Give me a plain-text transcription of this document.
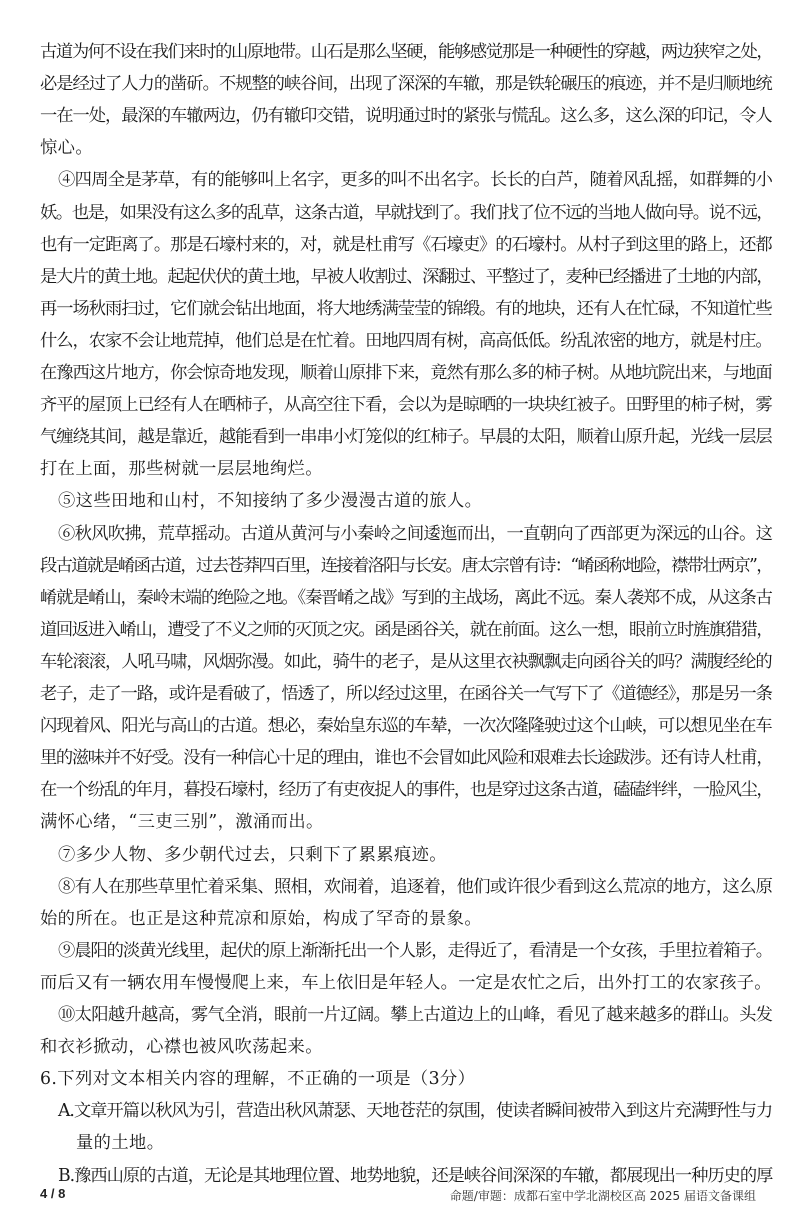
古道为何不设在我们来时的山原地带。山石是那么坚硬，能够感觉那是一种硬性的穿越，两边狭窄之处，
必是经过了人力的凿斫。不规整的峡谷间，出现了深深的车辙，那是铁轮碾压的痕迹，并不是归顺地统
一在一处，最深的车辙两边，仍有辙印交错，说明通过时的紧张与慌乱。这么多，这么深的印记，令人
惊心。
④四周全是茅草，有的能够叫上名字，更多的叫不出名字。长长的白芦，随着风乱摇，如群舞的小
妖。也是，如果没有这么多的乱草，这条古道，早就找到了。我们找了位不远的当地人做向导。说不远，
也有一定距离了。那是石壕村来的，对，就是杜甫写《石壕吏》的石壕村。从村子到这里的路上，还都
是大片的黄土地。起起伏伏的黄土地，早被人收割过、深翻过、平整过了，麦种已经播进了土地的内部，
再一场秋雨扫过，它们就会钻出地面，将大地绣满莹莹的锦缎。有的地块，还有人在忙碌，不知道忙些
什么，农家不会让地荒掉，他们总是在忙着。田地四周有树，高高低低。纷乱浓密的地方，就是村庄。
在豫西这片地方，你会惊奇地发现，顺着山原排下来，竟然有那么多的柿子树。从地坑院出来，与地面
齐平的屋顶上已经有人在晒柿子，从高空往下看，会以为是晾晒的一块块红被子。田野里的柿子树，雾
气缠绕其间，越是靠近，越能看到一串串小灯笼似的红柿子。早晨的太阳，顺着山原升起，光线一层层
打在上面，那些树就一层层地绚烂。
⑤这些田地和山村，不知接纳了多少漫漫古道的旅人。
⑥秋风吹拂，荒草摇动。古道从黄河与小秦岭之间逶迤而出，一直朝向了西部更为深远的山谷。这
段古道就是崤函古道，过去苍莽四百里，连接着洛阳与长安。唐太宗曾有诗：“崤函称地险，襟带壮两京”，
崤就是崤山，秦岭末端的绝险之地。《秦晋崤之战》写到的主战场，离此不远。秦人袭郑不成，从这条古
道回返进入崤山，遭受了不义之师的灭顶之灾。函是函谷关，就在前面。这么一想，眼前立时旌旗猎猎，
车轮滚滚，人吼马啸，风烟弥漫。如此，骑牛的老子，是从这里衣袂飘飘走向函谷关的吗？满腹经纶的
老子，走了一路，或许是看破了，悟透了，所以经过这里，在函谷关一气写下了《道德经》，那是另一条
闪现着风、阳光与高山的古道。想必，秦始皇东巡的车辇，一次次隆隆驶过这个山峡，可以想见坐在车
里的滋味并不好受。没有一种信心十足的理由，谁也不会冒如此风险和艰难去长途跋涉。还有诗人杜甫，
在一个纷乱的年月，暮投石壕村，经历了有吏夜捉人的事件，也是穿过这条古道，磕磕绊绊，一脸风尘，
满怀心绪，“三吏三别”，激涌而出。
⑦多少人物、多少朝代过去，只剩下了累累痕迹。
⑧有人在那些草里忙着采集、照相，欢闹着，追逐着，他们或许很少看到这么荒凉的地方，这么原
始的所在。也正是这种荒凉和原始，构成了罕奇的景象。
⑨晨阳的淡黄光线里，起伏的原上渐渐托出一个人影，走得近了，看清是一个女孩，手里拉着箱子。
而后又有一辆农用车慢慢爬上来，车上依旧是年轻人。一定是农忙之后，出外打工的农家孩子。
⑩太阳越升越高，雾气全消，眼前一片辽阔。攀上古道边上的山峰，看见了越来越多的群山。头发
和衣衫掀动，心襟也被风吹荡起来。
6.下列对文本相关内容的理解，不正确的一项是（3分）
A.文章开篇以秋风为引，营造出秋风萧瑟、天地苍茫的氛围，使读者瞬间被带入到这片充满野性与力
量的土地。
B.豫西山原的古道，无论是其地理位置、地势地貌，还是峡谷间深深的车辙，都展现出一种历史的厚
4 / 8	命题/审题：成都石室中学北湖校区高 2025 届语文备课组
